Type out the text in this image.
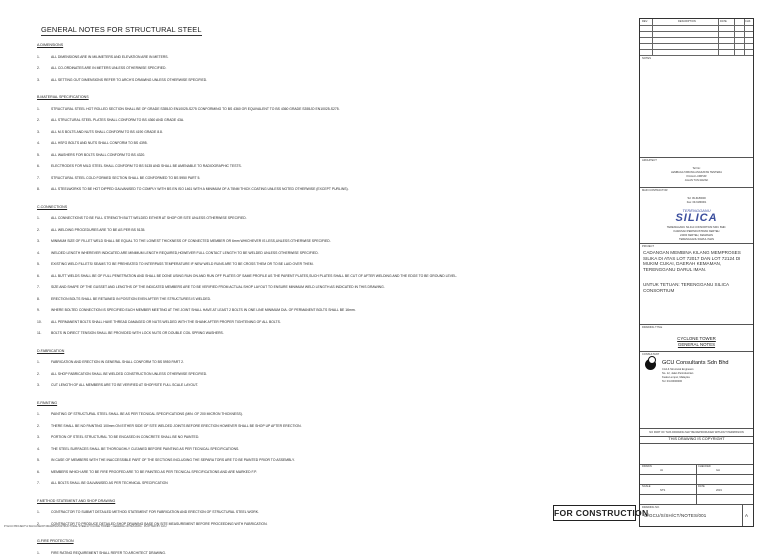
GENERAL NOTES FOR STRUCTURAL STEEL
A.DIMENSIONS
1.	ALL DIMENSIONS ARE IN MILIMETERS AND ELEVATION ARE IN METERS.
2.	ALL CO-ORDINATES ARE IN METERS UNLESS OTHERWISE SPECIFIED.
3.	ALL SETTING OUT DIMENSIONS REFER TO ARCH'S DRAWING UNLESS OTHERWISE SPECIFIED.
B.MATERIAL SPECIFICATIONS
1.	STRUCTURAL STEEL HOT ROLLED SECTION SHALL BE OF GRADE S355JO EN10025-S275 CONFORMING TO BS 4360 OR EQUIVALENT TO BS 4360 GRADE S355JO EN10025-S275.
2.	ALL STRUCTURAL STEEL PLATES SHALL CONFORM TO BS 4360 AND GRADE 43A.
3.	ALL M.S BOLTS AND NUTS SHALL CONFORM TO BS 4190 GRADE 8.8.
4.	ALL HSFG BOLTS AND NUTS SHALL CONFORM TO BS 4395.
5.	ALL WASHERS FOR BOLTS SHALL CONFORM TO BS 4320.
6.	ELECTRODES FOR MILD STEEL SHALL CONFORM TO BS 5135 AND SHALL BE AMENABLE TO RADIOGRAPHIC TESTS.
7.	STRUCTURAL STEEL COLD FORMED SECTION SHALL BE CONFORMED TO BS 5950 PART 5.
8.	ALL STEELWORKS TO BE HOT DIPPED GALVANISED TO COMPLY WITH BS EN ISO 1461 WITH A MINIMUM OF A 75NM THICK COATING UNLESS NOTED OTHERWISE (EXCEPT PURLINS).
C.CONNECTIONS
1.	ALL CONNECTIONS TO BE FULL STRENGTH BUTT WELDED EITHER AT SHOP OR SITE UNLESS OTHERWISE SPECIFIED.
2.	ALL WELDING PROCEDURES ARE TO BE AS PER BS 5135.
3.	MINIMUM SIZE OF FILLET WELD SHALL BE EQUAL TO THE LOWEST THICKNESS OF CONNECTED MEMBER OR 6mm WHICHEVER IS LESS,UNLESS OTHERWISE SPECIFIED.
4.	WELDED LENGTH WHEREVER INDICATED ARE MINIMUM LENGTH REQUIRED,HOWEVER FULL CONTACT LENGTH TO BE WELDED UNLESS OTHERWISE SPECIFIED.
5.	EXISTING WELD FILLETS/ SEAMS TO BE PREHEATED TO INTERPASS TEMPERATURE IF NEW WELD RUNS ARE TO BE CROSS THEM OR TO BE LAID OVER THEM.
6.	ALL BUTT WELDS SHALL BE OF FULL PENETRATION AND SHALL BE DONE USING RUN ON AND RUN OFF PLATES OF SAME PROFILE AS THE PARENT PLATES,SUCH PLATES SHALL BE CUT OF AFTER WELDING AND THE EDGE TO BE GROUND LEVEL.
7.	SIZE AND SHAPE OF THE GUSSET AND LENGTHS OF THE INDICATED MEMBERS ARE TO BE VERIFIED FROM ACTUAL SHOP LAYOUT TO ENSURE MINIMUM WELD LENGTH AS INDICATED IN THIS DRAWING.
8.	ERECTION BOLTS SHALL BE RETAINED IN POSITION EVEN AFTER THE STRUCTURES IS WELDED.
9.	WHERE BOLTED CONNECTION IS SPECIFIED EACH MEMBER MEETING AT THE JOINT SHALL HAVE AT LEAST 2 BOLTS IN ONE LINE MINIMUM DIA. OF PERMANENT BOLTS SHALL BE 16mm.
10.	ALL PERMANENT BOLTS SHALL HAVE THREAD DAMAGED OR NUTS WELDED WITH THE SHANK AFTER PROPER TIGHTENING OF ALL BOLTS.
11.	BOLTS IN DIRECT TENSION SHALL BE PROVIDED WITH LOCK NUTS OR DOUBLE COIL SPRING WASHERS.
D.FABRICATION
1.	FABRICATION AND ERECTION IN GENERAL SHALL CONFORM TO BS 5950 PART 2.
2.	ALL SHOP FABRICATION SHALL BE WELDED CONSTRUCTION UNLESS OTHERWISE SPECIFIED.
3.	CUT LENGTH OF ALL MEMBERS ARE TO BE VERIFIED AT SHOP/SITE FULL SCALE LAYOUT.
E.PAINTING
1.	PAINTING OF STRUCTURAL STEEL SHALL BE AS PER TECNICAL SPECIFICATIONS (MIN. OF 200 MICRON THICKNESS).
2.	THERE SHALL BE NO PAINTING 100mm ON EITHER SIDE OF SITE WELDED JOINTS BEFORE ERECTION HOWEVER SHALL BE SHOP UP AFTER ERECTION.
3.	PORTION OF STEEL STRUCTURAL TO BE ENCASED IN CONCRETE SHALL BE NO PAINTED.
4.	THE STEEL SURFACES SHALL BE THOROUGHLY CLEANED BEFORE PAINTING AS PER TECNICAL SPECIFICATIONS.
5.	IN CASE OF MEMBERS WITH THE INACCESSIBLE PART OF THE SECTIONS INCLUDING THE SEPARA TORS ARE TO BE PAINTED PRIOR TO ASSEMBLY.
6.	MEMBERS WHICH ARE TO BE FIRE PROOFED ARE TO BE PAINTED AS PER TECNICAL SPECIFICATIONS AND ARE MARKED F.P.
7.	ALL BOLTS SHALL BE GALVANISED AS PER TECHNICAL SPECIFICATION
F.METHOD STATEMENT AND SHOP DRAWING
1.	CONTRACTOR TO SUBMIT DETAILED METHOD STATEMENT FOR FABRICATION AND ERECTION OF STRUCTURAL STEEL WORK.
2.	CONTRACTOR TO PRODUCE DETAILED SHOP DRAWING BASE ON SITE MEASUREMENT BEFORE PROCEEDING WITH FABRICATION.
G.FIRE PROTECTION
1.	FIRE RATING REQUIREMENT SHALL REFER TO ARCHITECT DRAWING.
FOR CONSTRUCTION
P:\GCU PROJECT\1 SILICA\SHOP DRAWINGS\STRUCTURAL STEEL\CYCLONE TOWER - GENERAL NOTES.DWG · PLOTTED BY GCU
REV.	DESCRIPTION	DATE	CHK
NOTES
ARCHITECT
Tel No:
LEMBAGA TABUNG ANGKATAN TENTERA
KUALA LUMPUR
JALAN TUN RAZAK
MAIN CONTRACTOR
Tel: 09-6180000
Fax: 09-6180001
TERENGGANU
SILICA
TERENGGANU SILICA CONSORTIUM SDN. BHD.
KAWASAN PERINDUSTRIAN KERTEH
24300 KERTEH, KEMAMAN
TERENGGANU DARUL IMAN
PROJECT
CADANGAN MEMBINA KILANG MEMPROSES SILIKA DI ATAS LOT 72017 DAN LOT 72124 DI MUKIM CUKAI, DAERAH KEMAMAN, TERENGGANU DARUL IMAN.
UNTUK TETUAN: TERENGGANU SILICA CONSORTIUM
DRAWING TITLE
CYCLONE TOWER
GENERAL NOTES
CONSULTANT
GCU Consultants Sdn Bhd
Civil & Structural Engineers
No. 12, Jalan Perindustrian
Kuala Lumpur, Malaysia
Tel: 03-00000000
NO PART OF THIS DRAWING MAY BE REPRODUCED WITHOUT PERMISSION
THIS DRAWING IS COPYRIGHT
DRAWN
JA
CHECKED
GH
SCALE
NTS
DATE
2019
DRAWING NO.
G/GCU/S/SH/CT/NOTES/001	A
